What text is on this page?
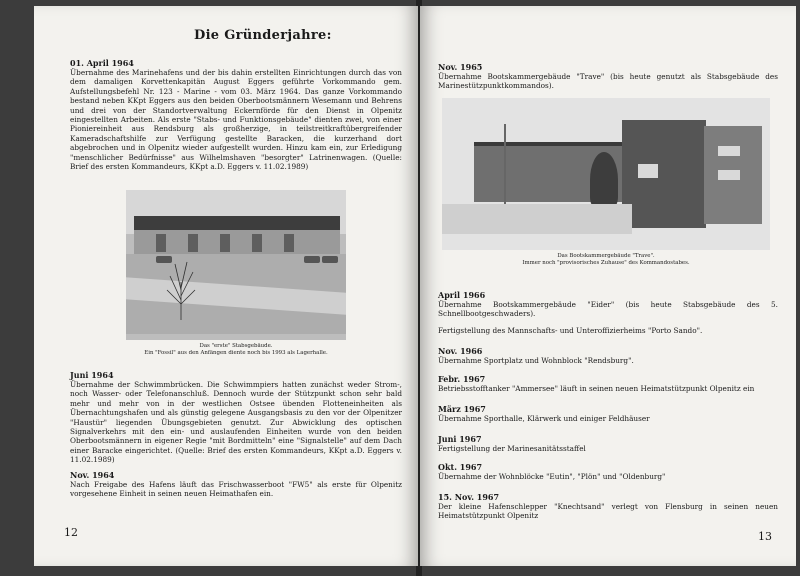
Die Gründerjahre:
01. April 1964
Übernahme des Marinehafens und der bis dahin erstellten Einrichtungen durch das von dem damaligen Korvettenkapitän August Eggers geführte Vorkommando gem. Aufstellungsbefehl Nr. 123 - Marine - vom 03. März 1964. Das ganze Vorkommando bestand neben KKpt Eggers aus den beiden Oberbootsmännern Wesemann und Behrens und drei von der Standortverwaltung Eckernförde für den Dienst in Olpenitz eingestellten Arbeiten. Als erste "Stabs- und Funktionsgebäude" dienten zwei, von einer Pioniereinheit aus Rendsburg als großherzige, in teilstreitkraftübergreifender Kameradschaftshilfe zur Verfügung gestellte Baracken, die kurzerhand dort abgebrochen und in Olpenitz wieder aufgestellt wurden. Hinzu kam ein, zur Erledigung "menschlicher Bedürfnisse" aus Wilhelmshaven "besorgter" Latrinenwagen. (Quelle: Brief des ersten Kommandeurs, KKpt a.D. Eggers v. 11.02.1989)
Das "erste" Stabsgebäude.
Ein "Fossil" aus den Anfängen diente noch bis 1993 als Lagerhalle.
Juni 1964
Übernahme der Schwimmbrücken. Die Schwimmpiers hatten zunächst weder Strom-, noch Wasser- oder Telefonanschluß. Dennoch wurde der Stützpunkt schon sehr bald mehr und mehr von in der westlichen Ostsee übenden Flotteneinheiten als Übernachtungshafen und als günstig gelegene Ausgangsbasis zu den vor der Olpenitzer "Haustür" liegenden Übungsgebieten genutzt. Zur Abwicklung des optischen Signalverkehrs mit den ein- und auslaufenden Einheiten wurde von den beiden Oberbootsmännern in eigener Regie "mit Bordmitteln" eine "Signalstelle" auf dem Dach einer Baracke eingerichtet. (Quelle: Brief des ersten Kommandeurs, KKpt a.D. Eggers v. 11.02.1989)
Nov. 1964
Nach Freigabe des Hafens läuft das Frischwasserboot "FW5" als erste für Olpenitz vorgesehene Einheit in seinen neuen Heimathafen ein.
12
Nov. 1965
Übernahme Bootskammergebäude "Trave" (bis heute genutzt als Stabsgebäude des Marinestützpunktkommandos).
Das Bootskammergebäude "Trave".
Immer noch "provisorisches Zuhause" des Kommandostabes.
April 1966
Übernahme Bootskammergebäude "Eider" (bis heute Stabsgebäude des 5. Schnellbootgeschwaders).
Fertigstellung des Mannschafts- und Unteroffizierheims "Porto Sando".
Nov. 1966
Übernahme Sportplatz und Wohnblock "Rendsburg".
Febr. 1967
Betriebsstofftanker "Ammersee" läuft in seinen neuen Heimatstützpunkt Olpenitz ein
März 1967
Übernahme Sporthalle, Klärwerk und einiger Feldhäuser
Juni 1967
Fertigstellung der Marinesanitätsstaffel
Okt. 1967
Übernahme der Wohnblöcke "Eutin", "Plön" und "Oldenburg"
15. Nov. 1967
Der kleine Hafenschlepper "Knechtsand" verlegt von Flensburg in seinen neuen Heimatstützpunkt Olpenitz
13
